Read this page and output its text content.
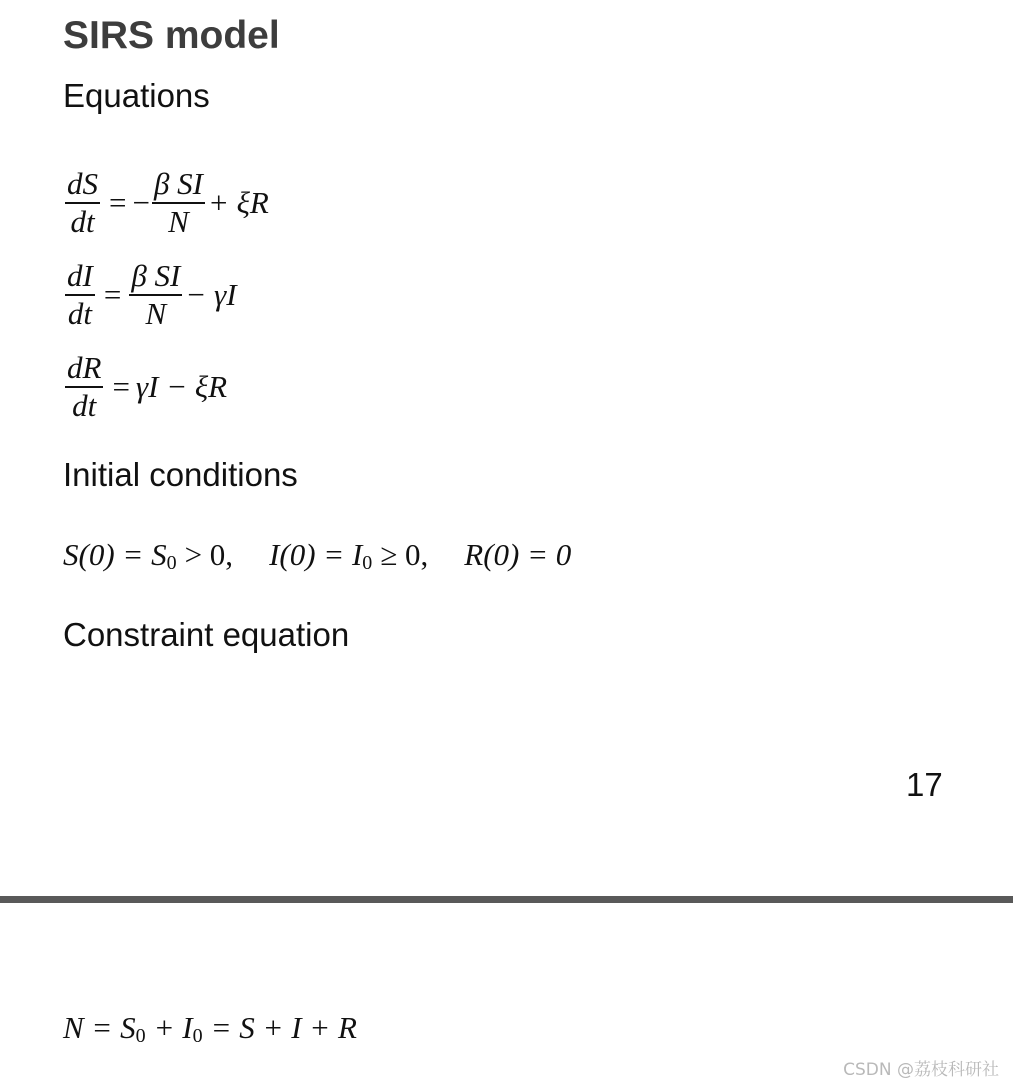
SIRS model

Equations

$\frac{dS}{dt}$ = − $\frac{\text{β SI}}{N} + \xi R$
$\frac{dI}{dt} = \frac{\text{β SI}}{N} - \gamma I$
$\frac{dR}{dt} = \gamma I - \xi R$

Initial conditions

S(0) = S 0 > 0, I(0) = I 0 ≥ 0, R(0) = 0

Constraint equation

17
N = S 0 + I 0 = S + I + R
CSDN @荔枝科研社
